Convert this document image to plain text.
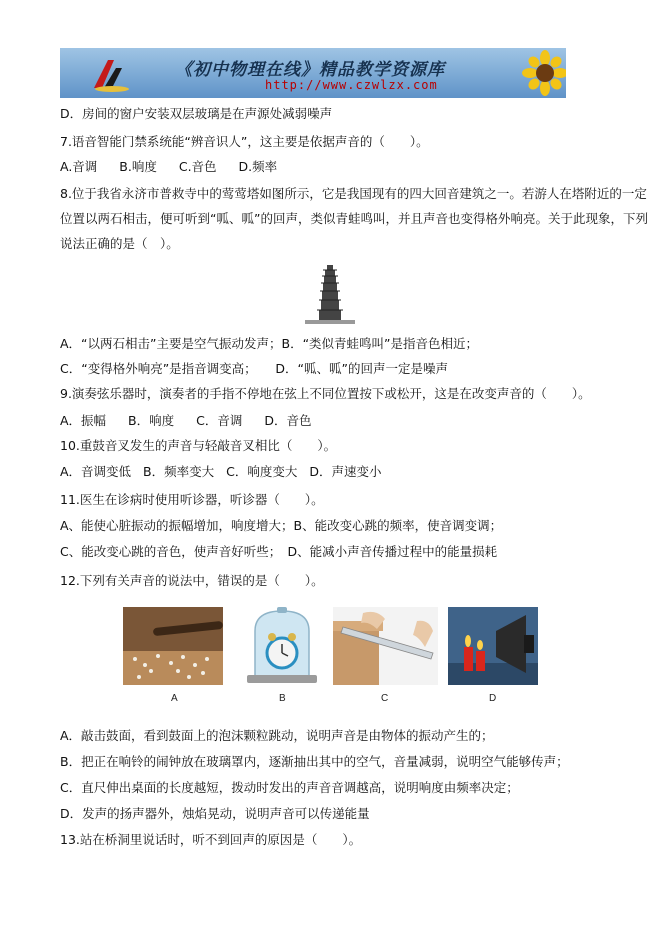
《初中物理在线》精品教学资源库
http://www.czwlzx.com
D．房间的窗户安装双层玻璃是在声源处减弱噪声
7.语音智能门禁系统能“辨音识人”，这主要是依据声音的（　　）。
A.音调 B.响度 C.音色 D.频率
8.位于我省永济市普救寺中的莺莺塔如图所示，它是我国现有的四大回音建筑之一。若游人在塔附近的一定
位置以两石相击，便可听到“呱、呱”的回声，类似青蛙鸣叫，并且声音也变得格外响亮。关于此现象，下列
说法正确的是（　）。
A．“以两石相击”主要是空气振动发声；B．“类似青蛙鸣叫”是指音色相近；
C．“变得格外响亮”是指音调变高；　　D．“呱、呱”的回声一定是噪声
9.演奏弦乐器时，演奏者的手指不停地在弦上不同位置按下或松开，这是在改变声音的（　　）。
A．振幅 B．响度 C．音调 D．音色
10.重鼓音叉发生的声音与轻敲音叉相比（　　）。
A．音调变低 B．频率变大 C．响度变大 D．声速变小
11.医生在诊病时使用听诊器，听诊器（　　）。
A、能使心脏振动的振幅增加，响度增大；B、能改变心跳的频率，使音调变调；
C、能改变心跳的音色，使声音好听些；　D、能减小声音传播过程中的能量损耗
12.下列有关声音的说法中，错误的是（　　）。
A	B	C	D
A．敲击鼓面，看到鼓面上的泡沫颗粒跳动，说明声音是由物体的振动产生的；
B．把正在响铃的闹钟放在玻璃罩内，逐渐抽出其中的空气，音量减弱，说明空气能够传声；
C．直尺伸出桌面的长度越短，拨动时发出的声音音调越高，说明响度由频率决定；
D．发声的扬声器外，烛焰晃动，说明声音可以传递能量
13.站在桥洞里说话时，听不到回声的原因是（　　）。
